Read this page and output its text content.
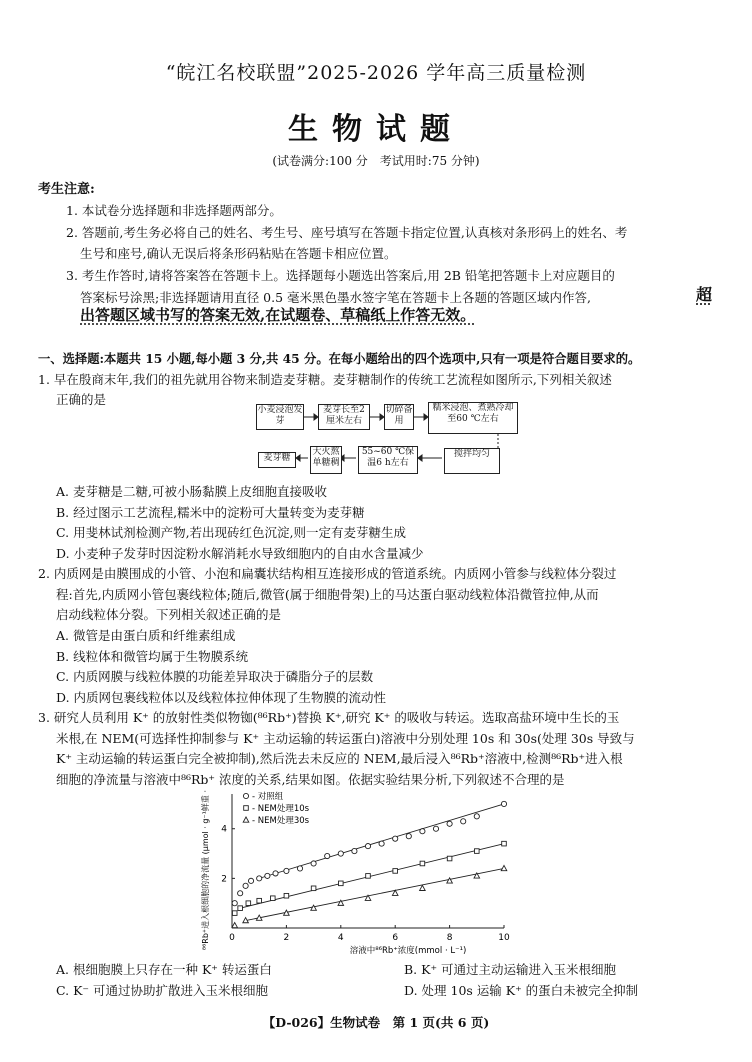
“皖江名校联盟”2025-2026 学年高三质量检测
生物试题
(试卷满分:100 分　考试用时:75 分钟)
考生注意:
1. 本试卷分选择题和非选择题两部分。
2. 答题前,考生务必将自己的姓名、考生号、座号填写在答题卡指定位置,认真核对条形码上的姓名、考
生号和座号,确认无误后将条形码粘贴在答题卡相应位置。
3. 考生作答时,请将答案答在答题卡上。选择题每小题选出答案后,用 2B 铅笔把答题卡上对应题目的
答案标号涂黑;非选择题请用直径 0.5 毫米黑色墨水签字笔在答题卡上各题的答题区域内作答,	超
出答题区域书写的答案无效,在试题卷、草稿纸上作答无效。
一、选择题:本题共 15 小题,每小题 3 分,共 45 分。在每小题给出的四个选项中,只有一项是符合题目要求的。
1. 早在殷商末年,我们的祖先就用谷物来制造麦芽糖。麦芽糖制作的传统工艺流程如图所示,下列相关叙述
正确的是
小麦浸泡发芽
麦芽长至2厘米左右
切碎备用
糯米浸泡、煮熟冷却至60 ℃左右
搅拌均匀
55~60 ℃保温6 h左右
大火熬单糖稠
麦芽糖
A. 麦芽糖是二糖,可被小肠黏膜上皮细胞直接吸收
B. 经过图示工艺流程,糯米中的淀粉可大量转变为麦芽糖
C. 用斐林试剂检测产物,若出现砖红色沉淀,则一定有麦芽糖生成
D. 小麦种子发芽时因淀粉水解消耗水导致细胞内的自由水含量减少
2. 内质网是由膜围成的小管、小泡和扁囊状结构相互连接形成的管道系统。内质网小管参与线粒体分裂过
程:首先,内质网小管包裹线粒体;随后,微管(属于细胞骨架)上的马达蛋白驱动线粒体沿微管拉伸,从而
启动线粒体分裂。下列相关叙述正确的是
A. 微管是由蛋白质和纤维素组成
B. 线粒体和微管均属于生物膜系统
C. 内质网膜与线粒体膜的功能差异取决于磷脂分子的层数
D. 内质网包裹线粒体以及线粒体拉伸体现了生物膜的流动性
3. 研究人员利用 K⁺ 的放射性类似物铷(⁸⁶Rb⁺)替换 K⁺,研究 K⁺ 的吸收与转运。选取高盐环境中生长的玉
米根,在 NEM(可选择性抑制参与 K⁺ 主动运输的转运蛋白)溶液中分别处理 10s 和 30s(处理 30s 导致与
K⁺ 主动运输的转运蛋白完全被抑制),然后洗去未反应的 NEM,最后浸入⁸⁶Rb⁺溶液中,检测⁸⁶Rb⁺进入根
细胞的净流量与溶液中⁸⁶Rb⁺ 浓度的关系,结果如图。依据实验结果分析,下列叙述不合理的是
0	2	4	6	8	10
2
4
溶液中⁸⁶Rb⁺浓度(mmol · L⁻¹)
⁸⁶Rb⁺进入根细胞的净流量 (μmol · g⁻¹鲜重 · h⁻¹)	- 对照组
- NEM处理10s
- NEM处理30s
A. 根细胞膜上只存在一种 K⁺ 转运蛋白	B. K⁺ 可通过主动运输进入玉米根细胞
C. K⁻ 可通过协助扩散进入玉米根细胞	D. 处理 10s 运输 K⁺ 的蛋白未被完全抑制
【D-026】生物试卷　第 1 页(共 6 页)
